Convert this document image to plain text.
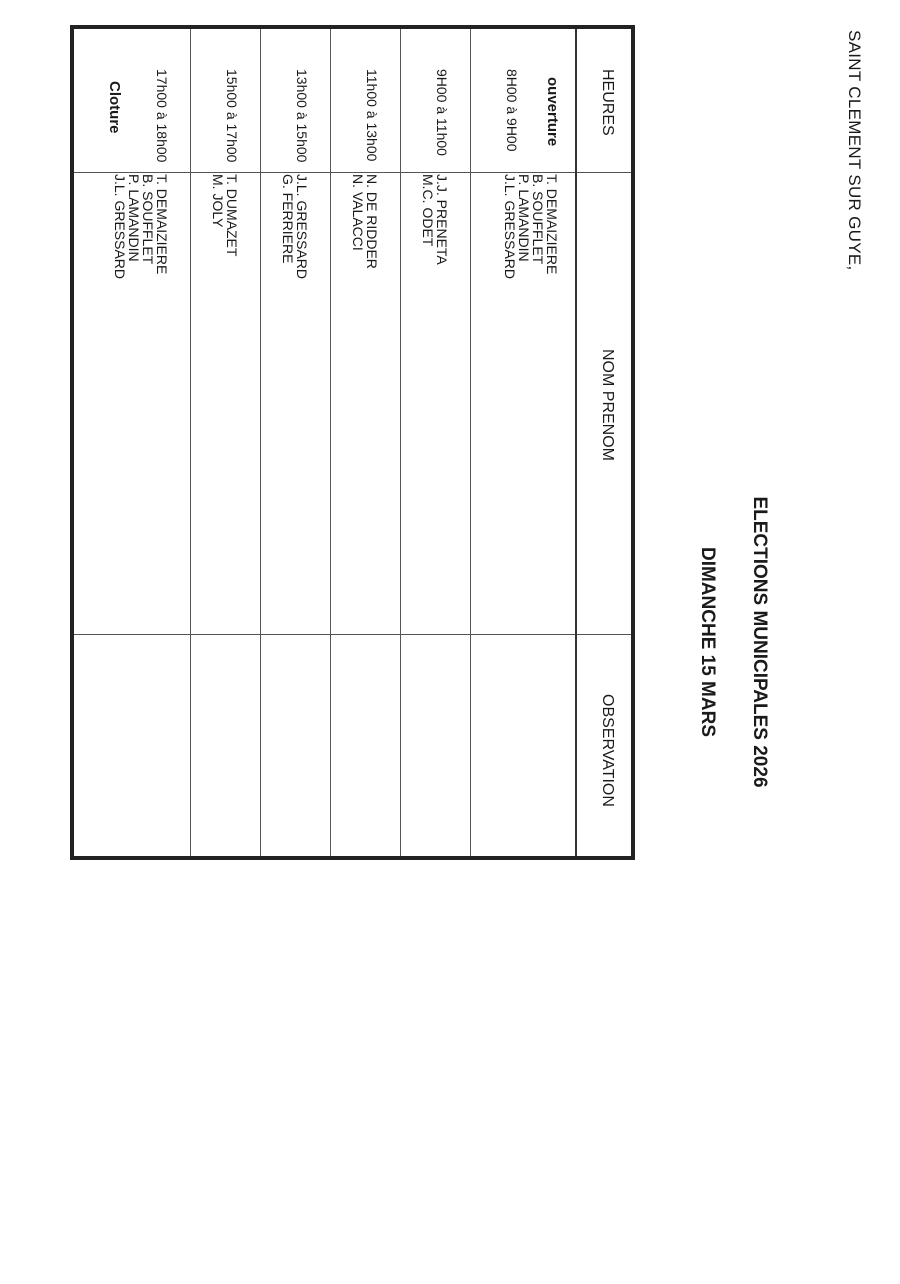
SAINT CLEMENT SUR GUYE,
ELECTIONS MUNICIPALES 2026
DIMANCHE 15 MARS
HEURES
NOM PRENOM
OBSERVATION
ouverture
8H00 à 9H00
T. DEMAIZIERE
B. SOUFFLET
P. LAMANDIN
J.L. GRESSARD
9H00 à 11h00
J.J. PRENETA
M.C. ODET
11h00 à 13h00
N. DE RIDDER
N. VALACCI
13h00 à 15h00
J.L. GRESSARD
G. FERRIERE
15h00 à 17h00
T. DUMAZET
M. JOLY
17h00 à 18h00
Cloture
T. DEMAIZIERE
B. SOUFFLET
P. LAMANDIN
J.L. GRESSARD
